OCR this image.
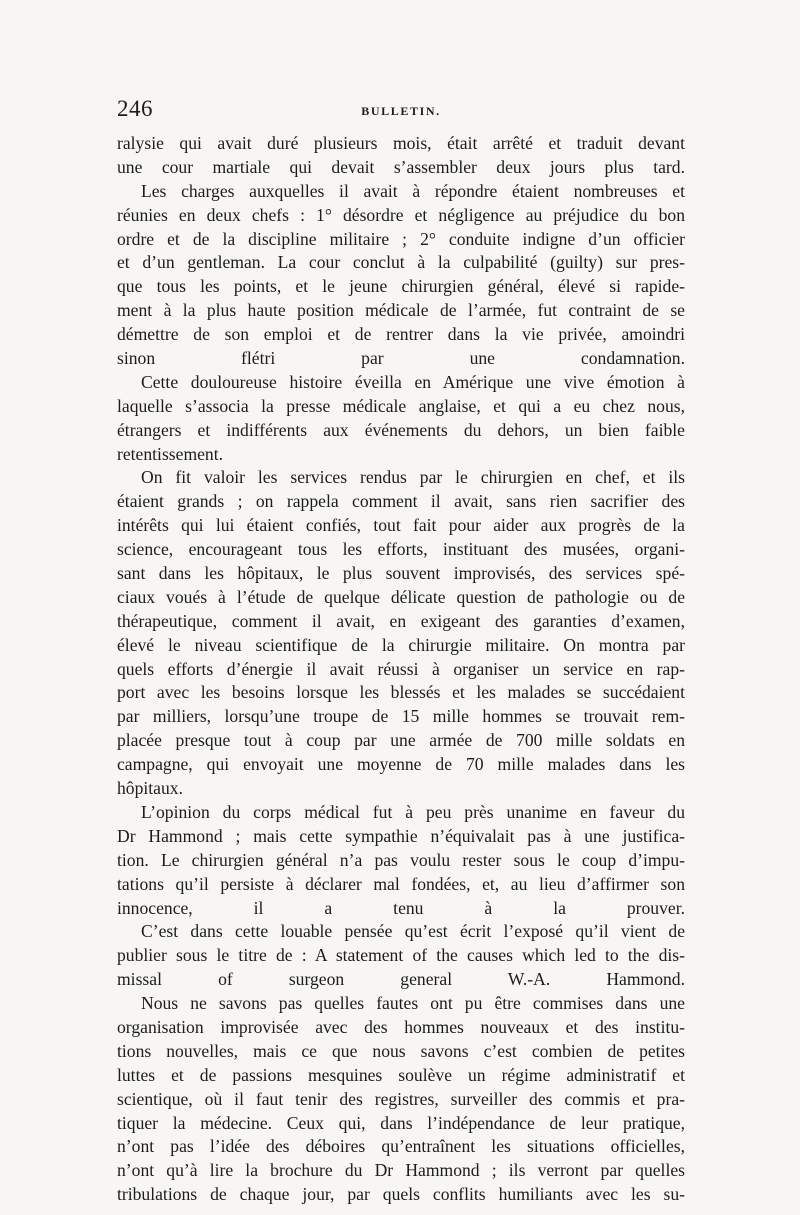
246	BULLETIN.
ralysie qui avait duré plusieurs mois, était arrêté et traduit devant
une cour martiale qui devait s’assembler deux jours plus tard.
Les charges auxquelles il avait à répondre étaient nombreuses et
réunies en deux chefs : 1° désordre et négligence au préjudice du bon
ordre et de la discipline militaire ; 2° conduite indigne d’un officier
et d’un gentleman. La cour conclut à la culpabilité (guilty) sur pres-
que tous les points, et le jeune chirurgien général, élevé si rapide-
ment à la plus haute position médicale de l’armée, fut contraint de se
démettre de son emploi et de rentrer dans la vie privée, amoindri
sinon flétri par une condamnation.
Cette douloureuse histoire éveilla en Amérique une vive émotion à
laquelle s’associa la presse médicale anglaise, et qui a eu chez nous,
étrangers et indifférents aux événements du dehors, un bien faible
retentissement.
On fit valoir les services rendus par le chirurgien en chef, et ils
étaient grands ; on rappela comment il avait, sans rien sacrifier des
intérêts qui lui étaient confiés, tout fait pour aider aux progrès de la
science, encourageant tous les efforts, instituant des musées, organi-
sant dans les hôpitaux, le plus souvent improvisés, des services spé-
ciaux voués à l’étude de quelque délicate question de pathologie ou de
thérapeutique, comment il avait, en exigeant des garanties d’examen,
élevé le niveau scientifique de la chirurgie militaire. On montra par
quels efforts d’énergie il avait réussi à organiser un service en rap-
port avec les besoins lorsque les blessés et les malades se succédaient
par milliers, lorsqu’une troupe de 15 mille hommes se trouvait rem-
placée presque tout à coup par une armée de 700 mille soldats en
campagne, qui envoyait une moyenne de 70 mille malades dans les
hôpitaux.
L’opinion du corps médical fut à peu près unanime en faveur du
Dr Hammond ; mais cette sympathie n’équivalait pas à une justifica-
tion. Le chirurgien général n’a pas voulu rester sous le coup d’impu-
tations qu’il persiste à déclarer mal fondées, et, au lieu d’affirmer son
innocence, il a tenu à la prouver.
C’est dans cette louable pensée qu’est écrit l’exposé qu’il vient de
publier sous le titre de : A statement of the causes which led to the dis-
missal of surgeon general W.-A. Hammond.
Nous ne savons pas quelles fautes ont pu être commises dans une
organisation improvisée avec des hommes nouveaux et des institu-
tions nouvelles, mais ce que nous savons c’est combien de petites
luttes et de passions mesquines soulève un régime administratif et
scientique, où il faut tenir des registres, surveiller des commis et pra-
tiquer la médecine. Ceux qui, dans l’indépendance de leur pratique,
n’ont pas l’idée des déboires qu’entraînent les situations officielles,
n’ont qu’à lire la brochure du Dr Hammond ; ils verront par quelles
tribulations de chaque jour, par quels conflits humiliants avec les su-
